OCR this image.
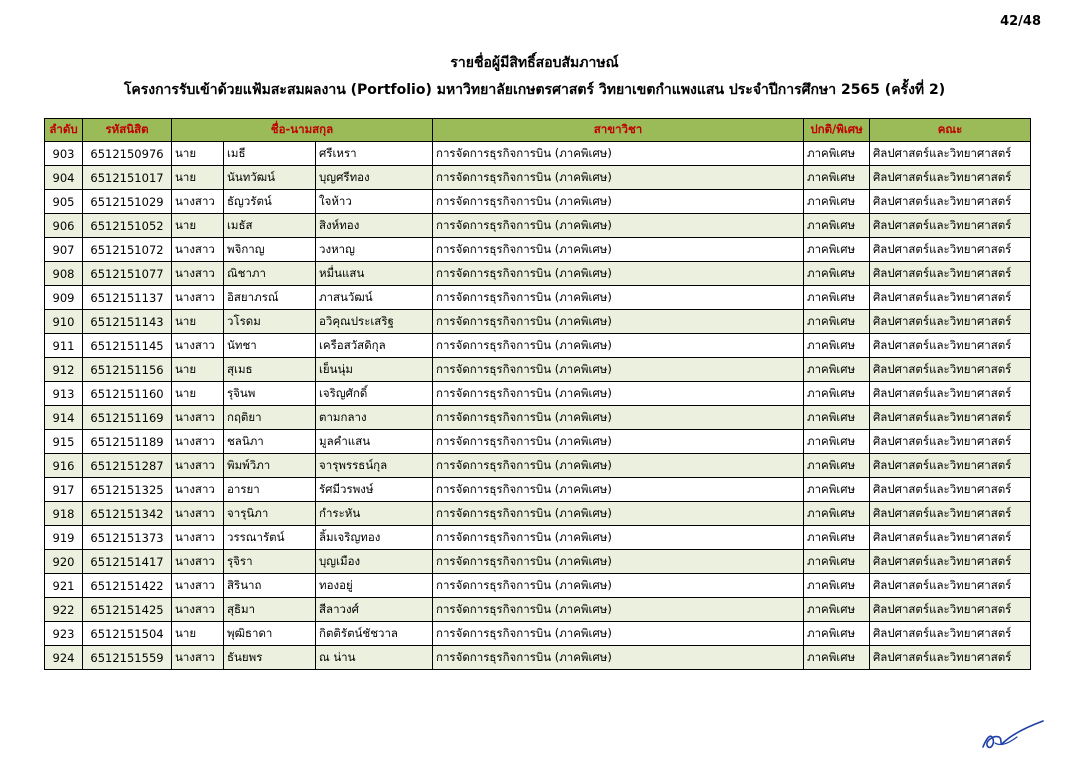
42/48
รายชื่อผู้มีสิทธิ์สอบสัมภาษณ์
โครงการรับเข้าด้วยแฟ้มสะสมผลงาน (Portfolio) มหาวิทยาลัยเกษตรศาสตร์ วิทยาเขตกำแพงแสน ประจำปีการศึกษา 2565 (ครั้งที่ 2)
ลำดับ	รหัสนิสิต	ชื่อ-นามสกุล			สาขาวิชา	ปกติ/พิเศษ	คณะ
903	6512150976	นาย	เมธี	ศรีเหรา	การจัดการธุรกิจการบิน (ภาคพิเศษ)	ภาคพิเศษ	ศิลปศาสตร์และวิทยาศาสตร์
904	6512151017	นาย	นันทวัฒน์	บุญศรีทอง	การจัดการธุรกิจการบิน (ภาคพิเศษ)	ภาคพิเศษ	ศิลปศาสตร์และวิทยาศาสตร์
905	6512151029	นางสาว	ธัญวรัตน์	ใจห้าว	การจัดการธุรกิจการบิน (ภาคพิเศษ)	ภาคพิเศษ	ศิลปศาสตร์และวิทยาศาสตร์
906	6512151052	นาย	เมธัส	สิงห์ทอง	การจัดการธุรกิจการบิน (ภาคพิเศษ)	ภาคพิเศษ	ศิลปศาสตร์และวิทยาศาสตร์
907	6512151072	นางสาว	พจิกาญ	วงหาญ	การจัดการธุรกิจการบิน (ภาคพิเศษ)	ภาคพิเศษ	ศิลปศาสตร์และวิทยาศาสตร์
908	6512151077	นางสาว	ณิชาภา	หมื่นแสน	การจัดการธุรกิจการบิน (ภาคพิเศษ)	ภาคพิเศษ	ศิลปศาสตร์และวิทยาศาสตร์
909	6512151137	นางสาว	อิสยาภรณ์	ภาสนวัฒน์	การจัดการธุรกิจการบิน (ภาคพิเศษ)	ภาคพิเศษ	ศิลปศาสตร์และวิทยาศาสตร์
910	6512151143	นาย	วโรดม	อวิคุณประเสริฐ	การจัดการธุรกิจการบิน (ภาคพิเศษ)	ภาคพิเศษ	ศิลปศาสตร์และวิทยาศาสตร์
911	6512151145	นางสาว	นัทชา	เครือสวัสดิกุล	การจัดการธุรกิจการบิน (ภาคพิเศษ)	ภาคพิเศษ	ศิลปศาสตร์และวิทยาศาสตร์
912	6512151156	นาย	สุเมธ	เย็นนุ่ม	การจัดการธุรกิจการบิน (ภาคพิเศษ)	ภาคพิเศษ	ศิลปศาสตร์และวิทยาศาสตร์
913	6512151160	นาย	รุจินพ	เจริญศักดิ์	การจัดการธุรกิจการบิน (ภาคพิเศษ)	ภาคพิเศษ	ศิลปศาสตร์และวิทยาศาสตร์
914	6512151169	นางสาว	กฤติยา	ตามกลาง	การจัดการธุรกิจการบิน (ภาคพิเศษ)	ภาคพิเศษ	ศิลปศาสตร์และวิทยาศาสตร์
915	6512151189	นางสาว	ชลนิภา	มูลคำแสน	การจัดการธุรกิจการบิน (ภาคพิเศษ)	ภาคพิเศษ	ศิลปศาสตร์และวิทยาศาสตร์
916	6512151287	นางสาว	พิมพ์วิภา	จารุพรรธน์กุล	การจัดการธุรกิจการบิน (ภาคพิเศษ)	ภาคพิเศษ	ศิลปศาสตร์และวิทยาศาสตร์
917	6512151325	นางสาว	อารยา	รัศมีวรพงษ์	การจัดการธุรกิจการบิน (ภาคพิเศษ)	ภาคพิเศษ	ศิลปศาสตร์และวิทยาศาสตร์
918	6512151342	นางสาว	จารุนิภา	กำระหัน	การจัดการธุรกิจการบิน (ภาคพิเศษ)	ภาคพิเศษ	ศิลปศาสตร์และวิทยาศาสตร์
919	6512151373	นางสาว	วรรณารัตน์	ลิ้มเจริญทอง	การจัดการธุรกิจการบิน (ภาคพิเศษ)	ภาคพิเศษ	ศิลปศาสตร์และวิทยาศาสตร์
920	6512151417	นางสาว	รุจิรา	บุญเมือง	การจัดการธุรกิจการบิน (ภาคพิเศษ)	ภาคพิเศษ	ศิลปศาสตร์และวิทยาศาสตร์
921	6512151422	นางสาว	สิรินาถ	ทองอยู่	การจัดการธุรกิจการบิน (ภาคพิเศษ)	ภาคพิเศษ	ศิลปศาสตร์และวิทยาศาสตร์
922	6512151425	นางสาว	สุธิมา	สีลาวงศ์	การจัดการธุรกิจการบิน (ภาคพิเศษ)	ภาคพิเศษ	ศิลปศาสตร์และวิทยาศาสตร์
923	6512151504	นาย	พุฒิธาดา	กิตติรัตน์ชัชวาล	การจัดการธุรกิจการบิน (ภาคพิเศษ)	ภาคพิเศษ	ศิลปศาสตร์และวิทยาศาสตร์
924	6512151559	นางสาว	ธันยพร	ณ น่าน	การจัดการธุรกิจการบิน (ภาคพิเศษ)	ภาคพิเศษ	ศิลปศาสตร์และวิทยาศาสตร์
